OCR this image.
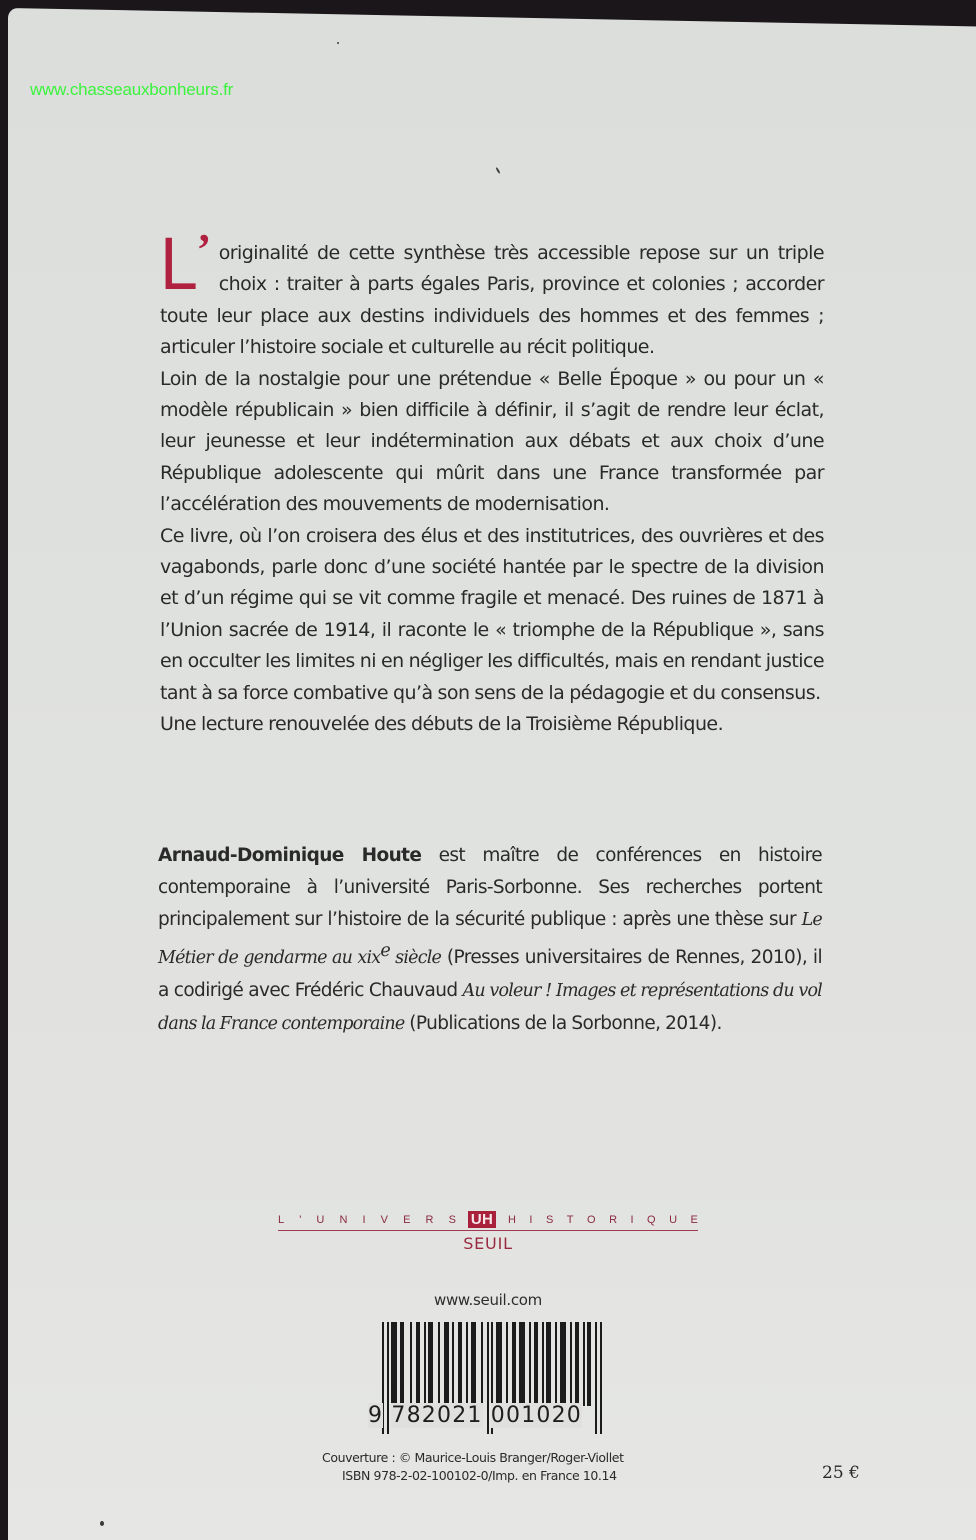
www.chasseauxbonheurs.fr

L ’ originalité de cette synthèse très accessible repose sur un triple choix : traiter à parts égales Paris, province et colonies ; accorder toute leur place aux destins individuels des hommes et des femmes ; articuler l’histoire sociale et culturelle au récit politique.

Loin de la nostalgie pour une prétendue « Belle Époque » ou pour un « modèle républicain » bien difficile à définir, il s’agit de rendre leur éclat, leur jeunesse et leur indétermination aux débats et aux choix d’une République adolescente qui mûrit dans une France transformée par l’accélération des mouvements de modernisation.

Ce livre, où l’on croisera des élus et des institutrices, des ouvrières et des vagabonds, parle donc d’une société hantée par le spectre de la division et d’un régime qui se vit comme fragile et menacé. Des ruines de 1871 à l’Union sacrée de 1914, il raconte le « triomphe de la République », sans en occulter les limites ni en négliger les difficultés, mais en rendant justice tant à sa force combative qu’à son sens de la pédagogie et du consensus.

Une lecture renouvelée des débuts de la Troisième République.

Arnaud-Dominique Houte est maître de conférences en histoire contemporaine à l’université Paris-Sorbonne. Ses recherches portent principalement sur l’histoire de la sécurité publique : après une thèse sur Le Métier de gendarme au xix$^e$ siècle (Presses universitaires de Rennes, 2010), il a codirigé avec Frédéric Chauvaud Au voleur ! Images et représentations du vol dans la France contemporaine (Publications de la Sorbonne, 2014).

L ' U N I V E R S UH H I S T O R I Q U E
SEUIL
www.seuil.com
9 782021 001020
Couverture : © Maurice-Louis Branger/Roger-Viollet
ISBN 978-2-02-100102-0/Imp. en France 10.14	25 €
